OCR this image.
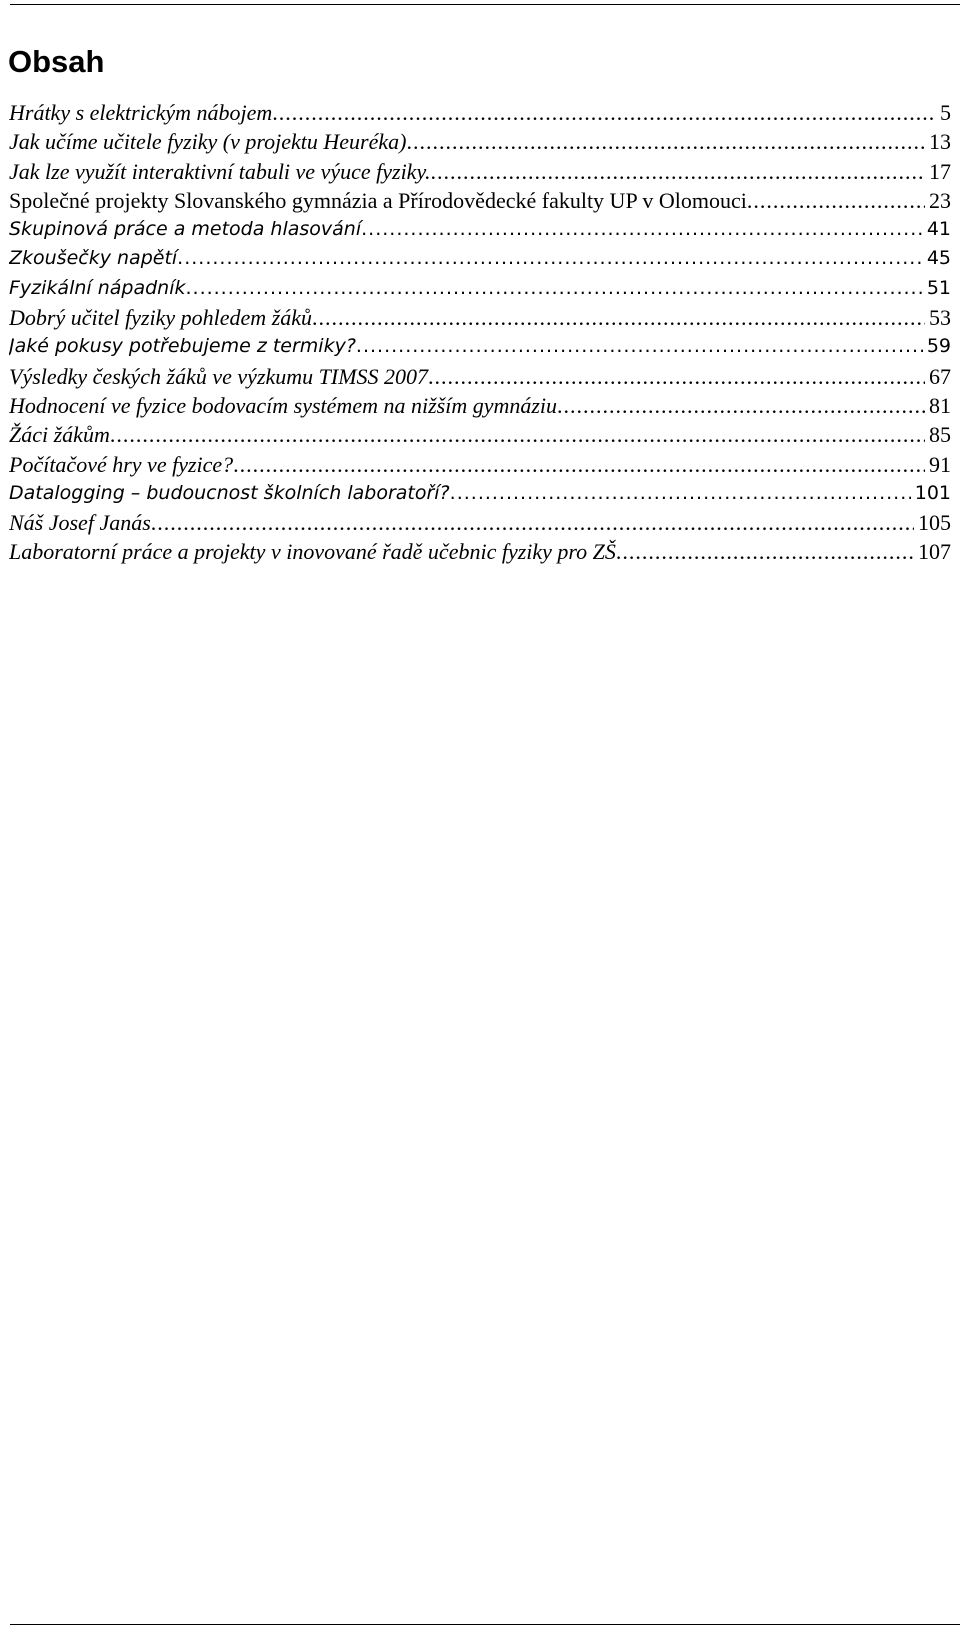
Obsah
Hrátky s elektrickým nábojem .....	5
Jak učíme učitele fyziky (v projektu Heuréka) .....	13
Jak lze využít interaktivní tabuli ve výuce fyziky. .....	17
Společné projekty Slovanského gymnázia a Přírodovědecké fakulty UP v Olomouci .....	23
Skupinová práce a metoda hlasování .....	41
Zkoušečky napětí .....	45
Fyzikální nápadník .....	51
Dobrý učitel fyziky pohledem žáků .....	53
Jaké pokusy potřebujeme z termiky? .....	59
Výsledky českých žáků ve výzkumu TIMSS 2007 .....	67
Hodnocení ve fyzice bodovacím systémem na nižším gymnáziu .....	81
Žáci žákům .....	85
Počítačové hry ve fyzice? .....	91
Datalogging – budoucnost školních laboratoří? .....	101
Náš Josef Janás .....	105
Laboratorní práce a projekty v inovované řadě učebnic fyziky pro ZŠ .....	107
